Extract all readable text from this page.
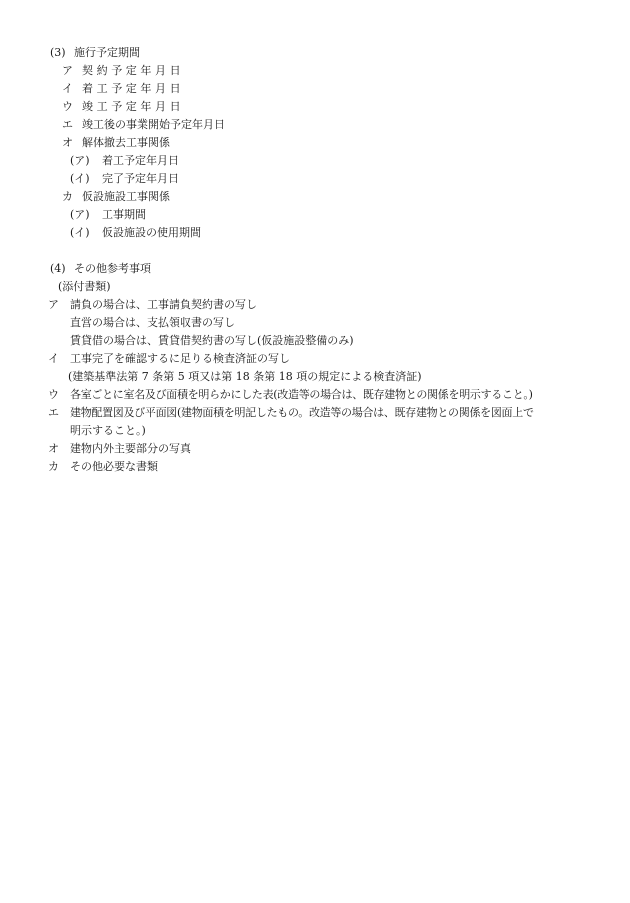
(3) 施行予定期間
ア 契約予定年月日
イ 着工予定年月日
ウ 竣工予定年月日
エ 竣工後の事業開始予定年月日
オ 解体撤去工事関係
(ア) 着工予定年月日
(イ) 完了予定年月日
カ 仮設施設工事関係
(ア) 工事期間
(イ) 仮設施設の使用期間
(4) その他参考事項
(添付書類)
ア 請負の場合は、工事請負契約書の写し
直営の場合は、支払領収書の写し
賃貸借の場合は、賃貸借契約書の写し(仮設施設整備のみ)
イ 工事完了を確認するに足りる検査済証の写し
(建築基準法第 7 条第 5 項又は第 18 条第 18 項の規定による検査済証)
ウ 各室ごとに室名及び面積を明らかにした表(改造等の場合は、既存建物との関係を明示すること。)
エ 建物配置図及び平面図(建物面積を明記したもの。改造等の場合は、既存建物との関係を図面上で
明示すること。)
オ 建物内外主要部分の写真
カ その他必要な書類
